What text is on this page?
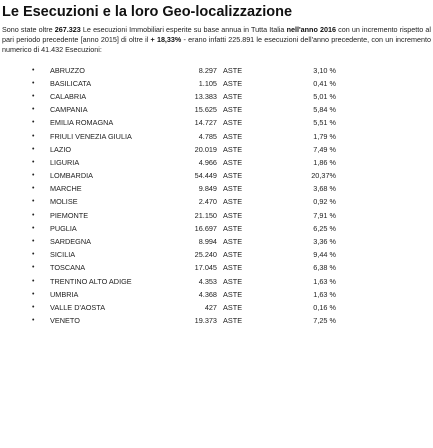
Le Esecuzioni e la loro Geo-localizzazione

Sono state oltre 267.323 Le esecuzioni Immobiliari esperite su base annua in Tutta Italia nell'anno 2016 con un incremento rispetto al pari periodo precedente [anno 2015] di oltre il + 18,33% - erano infatti 225.891 le esecuzioni dell'anno precedente, con un incremento numerico di 41.432 Esecuzioni:

• ABRUZZO	8.297 ASTE	3,10 %
• BASILICATA	1.105 ASTE	0,41 %
• CALABRIA	13.383 ASTE	5,01 %
• CAMPANIA	15.625 ASTE	5,84 %
• EMILIA ROMAGNA	14.727 ASTE	5,51 %
• FRIULI VENEZIA GIULIA	4.785 ASTE	1,79 %
• LAZIO	20.019 ASTE	7,49 %
• LIGURIA	4.966 ASTE	1,86 %
• LOMBARDIA	54.449 ASTE	20,37%
• MARCHE	9.849 ASTE	3,68 %
• MOLISE	2.470 ASTE	0,92 %
• PIEMONTE	21.150 ASTE	7,91 %
• PUGLIA	16.697 ASTE	6,25 %
• SARDEGNA	8.994 ASTE	3,36 %
• SICILIA	25.240 ASTE	9,44 %
• TOSCANA	17.045 ASTE	6,38 %
• TRENTINO ALTO ADIGE	4.353 ASTE	1,63 %
• UMBRIA	4.368 ASTE	1,63 %
• VALLE D'AOSTA	427 ASTE	0,16 %
• VENETO	19.373 ASTE	7,25 %
